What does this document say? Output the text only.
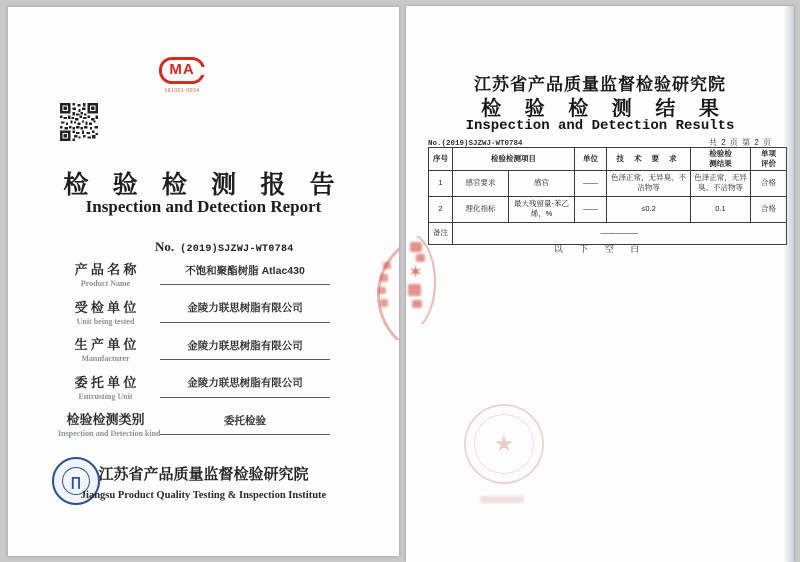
MA
161001-0034
检 验 检 测 报 告
Inspection and Detection Report
No. (2019)SJZWJ-WT0784
产 品 名 称
Product Name
不饱和聚酯树脂 Atlac430
受 检 单 位
Unit being tested
金陵力联思树脂有限公司
生 产 单 位
Manufacturer
金陵力联思树脂有限公司
委 托 单 位
Entrusting Unit
金陵力联思树脂有限公司
检验检测类别
Inspection and Detection kind
委托检验
∏	江苏省产品质量监督检验研究院
Jiangsu Product Quality Testing & Inspection Institute
江苏省产品质量监督检验研究院
检 验 检 测 结 果
Inspection and Detection Results
No.(2019)SJZWJ-WT0784	共 2 页 第 2 页
序号	检验检测项目		单位	技 术 要 求	检验检测结果	单项评价
1	感官要求	感官	——	色泽正常，无异臭、不沾物等	色泽正常，无异臭、不沾物等	合格
2	理化指标	最大残留量-苯乙烯，%	——	≤0.2	0.1	合格
备注	—————					
以 下 空 白
✶
★
